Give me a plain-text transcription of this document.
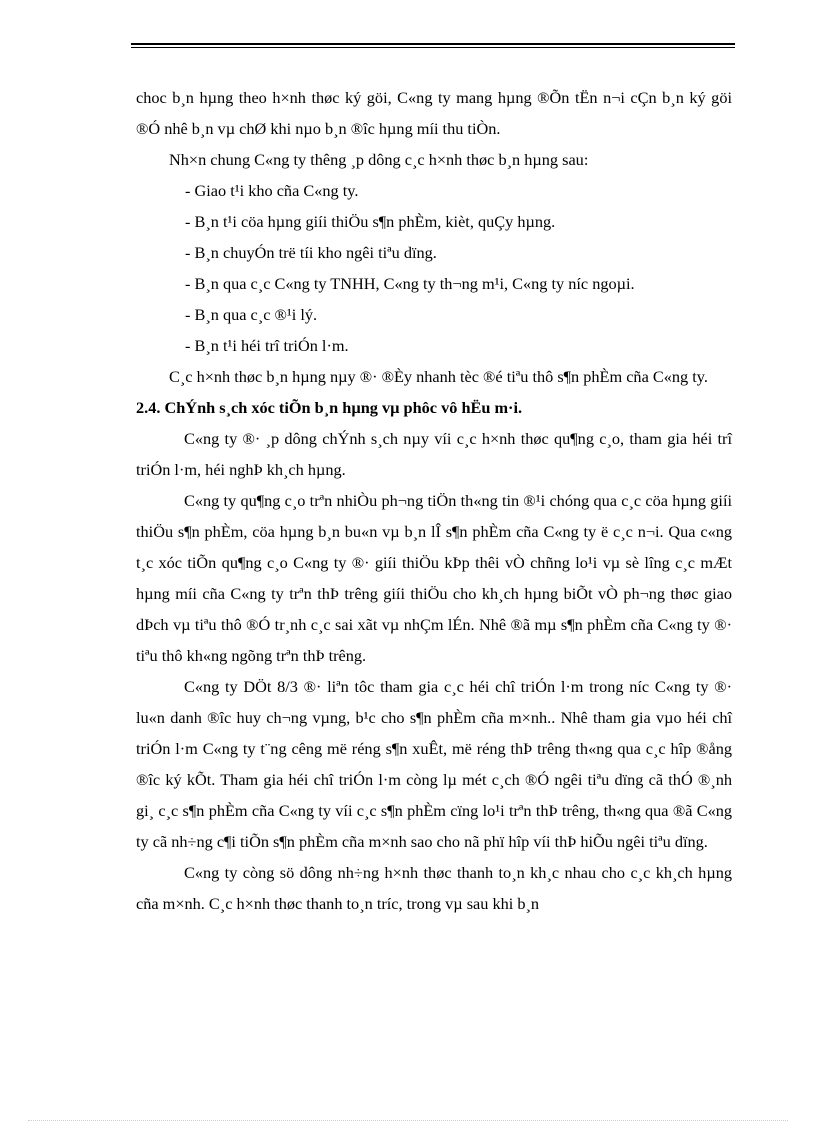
choc b¸n hµng theo h×nh thøc ký göi, C«ng ty mang hµng ®Õn tËn n¬i cÇn b¸n ký göi ®Ó nhê b¸n vµ chØ khi nµo b¸n ®îc hµng míi thu tiÒn.

Nh×n chung C«ng ty thêng ¸p dông c¸c h×nh thøc b¸n hµng sau:

- Giao t¹i kho cña C«ng ty.
- B¸n t¹i cöa hµng giíi thiÖu s¶n phÈm, kièt, quÇy hµng.
- B¸n chuyÓn trë tíi kho ngêi tiªu dïng.
- B¸n qua c¸c C«ng ty TNHH, C«ng ty th¬ng m¹i, C«ng ty níc ngoµi.
- B¸n qua c¸c ®¹i lý.
- B¸n t¹i héi trî triÓn l·m.

C¸c h×nh thøc b¸n hµng nµy ®· ®Èy nhanh tèc ®é tiªu thô s¶n phÈm cña C«ng ty.

2.4. ChÝnh s¸ch xóc tiÕn b¸n hµng vµ phôc vô hËu m·i.

C«ng ty ®· ¸p dông chÝnh s¸ch nµy víi c¸c h×nh thøc qu¶ng c¸o, tham gia héi trî triÓn l·m, héi nghÞ kh¸ch hµng.

C«ng ty qu¶ng c¸o trªn nhiÒu ph¬ng tiÖn th«ng tin ®¹i chóng qua c¸c cöa hµng giíi thiÖu s¶n phÈm, cöa hµng b¸n bu«n vµ b¸n lÎ s¶n phÈm cña C«ng ty ë c¸c n¬i. Qua c«ng t¸c xóc tiÕn qu¶ng c¸o C«ng ty ®· giíi thiÖu kÞp thêi vÒ chñng lo¹i vµ sè lîng c¸c mÆt hµng míi cña C«ng ty trªn thÞ trêng giíi thiÖu cho kh¸ch hµng biÕt vÒ ph¬ng thøc giao dÞch vµ tiªu thô ®Ó tr¸nh c¸c sai xãt vµ nhÇm lÉn. Nhê ®ã mµ s¶n phÈm cña C«ng ty ®· tiªu thô kh«ng ngõng trªn thÞ trêng.

C«ng ty DÖt 8/3 ®· liªn tôc tham gia c¸c héi chî triÓn l·m trong níc C«ng ty ®· lu«n danh ®îc huy ch¬ng vµng, b¹c cho s¶n phÈm cña m×nh.. Nhê tham gia vµo héi chî triÓn l·m C«ng ty t¨ng cêng më réng s¶n xuÊt, më réng thÞ trêng th«ng qua c¸c hîp ®ång ®îc ký kÕt. Tham gia héi chî triÓn l·m còng lµ mét c¸ch ®Ó ngêi tiªu dïng cã thÓ ®¸nh gi¸ c¸c s¶n phÈm cña C«ng ty víi c¸c s¶n phÈm cïng lo¹i trªn thÞ trêng, th«ng qua ®ã C«ng ty cã nh÷ng c¶i tiÕn s¶n phÈm cña m×nh sao cho nã phï hîp víi thÞ hiÕu ngêi tiªu dïng.

C«ng ty còng sö dông nh÷ng h×nh thøc thanh to¸n kh¸c nhau cho c¸c kh¸ch hµng cña m×nh. C¸c h×nh thøc thanh to¸n tríc, trong vµ sau khi b¸n
